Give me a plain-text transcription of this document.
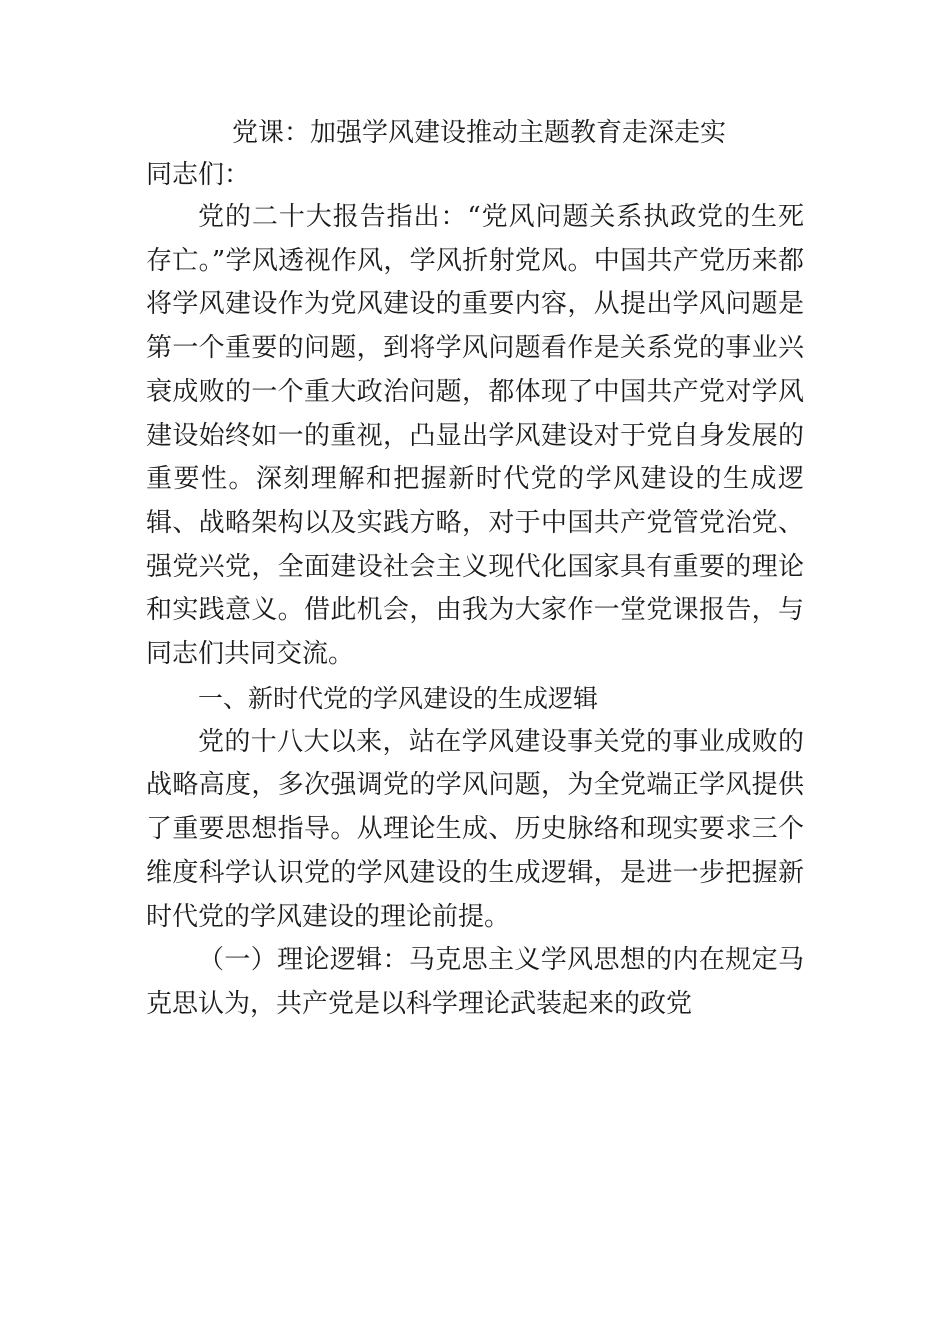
党课：加强学风建设推动主题教育走深走实

同志们：

党的二十大报告指出：“党风问题关系执政党的生死存亡。”学风透视作风，学风折射党风。中国共产党历来都将学风建设作为党风建设的重要内容，从提出学风问题是第一个重要的问题，到将学风问题看作是关系党的事业兴衰成败的一个重大政治问题，都体现了中国共产党对学风建设始终如一的重视，凸显出学风建设对于党自身发展的重要性。深刻理解和把握新时代党的学风建设的生成逻辑、战略架构以及实践方略，对于中国共产党管党治党、强党兴党，全面建设社会主义现代化国家具有重要的理论和实践意义。借此机会，由我为大家作一堂党课报告，与同志们共同交流。

一、新时代党的学风建设的生成逻辑

党的十八大以来，站在学风建设事关党的事业成败的战略高度，多次强调党的学风问题，为全党端正学风提供了重要思想指导。从理论生成、历史脉络和现实要求三个维度科学认识党的学风建设的生成逻辑，是进一步把握新时代党的学风建设的理论前提。

（一）理论逻辑：马克思主义学风思想的内在规定马克思认为，共产党是以科学理论武装起来的政党
